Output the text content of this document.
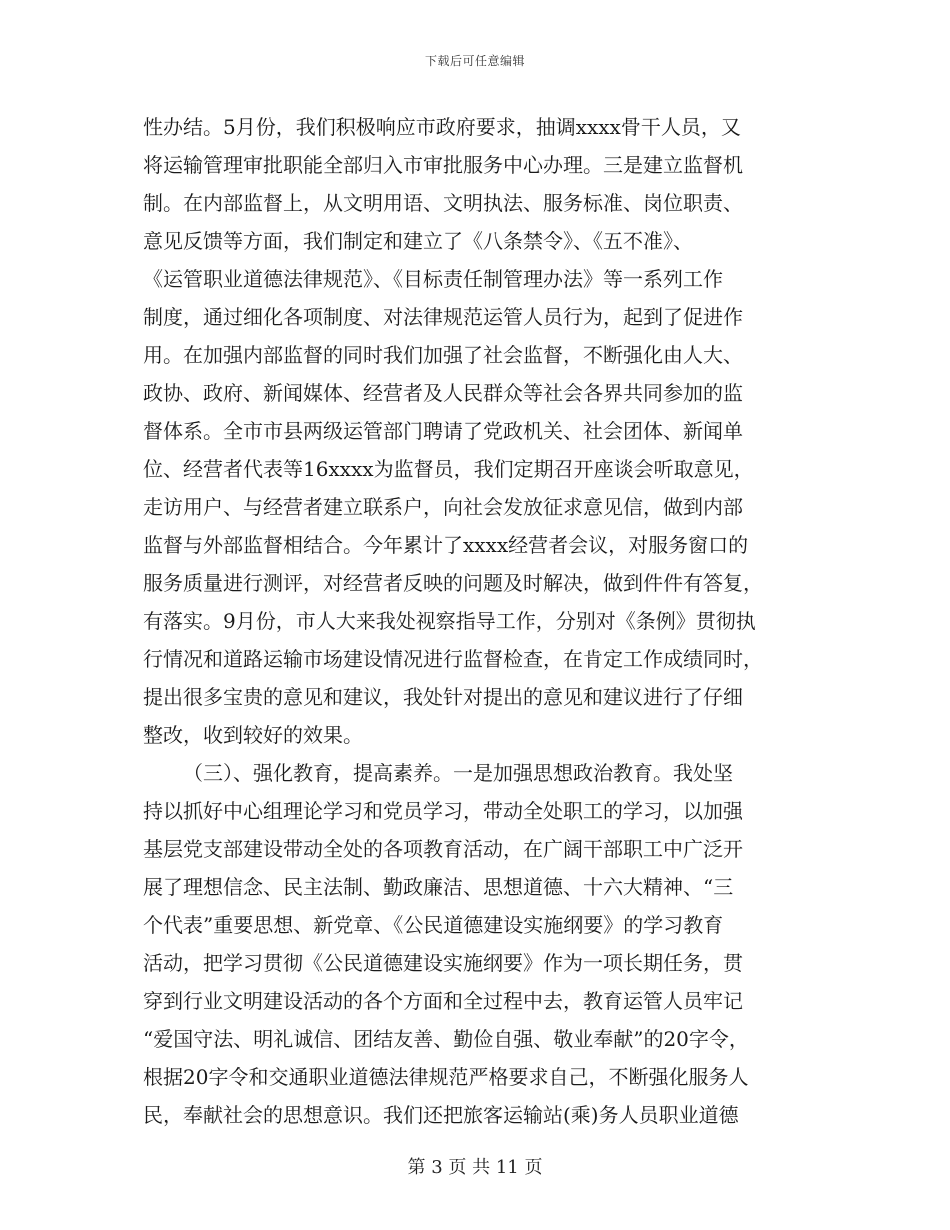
下载后可任意编辑
性办结。5月份，我们积极响应市政府要求，抽调xxxx骨干人员，又
将运输管理审批职能全部归入市审批服务中心办理。三是建立监督机
制。在内部监督上，从文明用语、文明执法、服务标准、岗位职责、
意见反馈等方面，我们制定和建立了《八条禁令》、《五不准》、
《运管职业道德法律规范》、《目标责任制管理办法》等一系列工作
制度，通过细化各项制度、对法律规范运管人员行为，起到了促进作
用。在加强内部监督的同时我们加强了社会监督，不断强化由人大、
政协、政府、新闻媒体、经营者及人民群众等社会各界共同参加的监
督体系。全市市县两级运管部门聘请了党政机关、社会团体、新闻单
位、经营者代表等16xxxx为监督员，我们定期召开座谈会听取意见，
走访用户、与经营者建立联系户，向社会发放征求意见信，做到内部
监督与外部监督相结合。今年累计了xxxx经营者会议，对服务窗口的
服务质量进行测评，对经营者反映的问题及时解决，做到件件有答复，
有落实。9月份，市人大来我处视察指导工作，分别对《条例》贯彻执
行情况和道路运输市场建设情况进行监督检查，在肯定工作成绩同时，
提出很多宝贵的意见和建议，我处针对提出的意见和建议进行了仔细
整改，收到较好的效果。
（三）、强化教育，提高素养。一是加强思想政治教育。我处坚
持以抓好中心组理论学习和党员学习，带动全处职工的学习，以加强
基层党支部建设带动全处的各项教育活动，在广阔干部职工中广泛开
展了理想信念、民主法制、勤政廉洁、思想道德、十六大精神、“三
个代表”重要思想、新党章、《公民道德建设实施纲要》的学习教育
活动，把学习贯彻《公民道德建设实施纲要》作为一项长期任务，贯
穿到行业文明建设活动的各个方面和全过程中去，教育运管人员牢记
“爱国守法、明礼诚信、团结友善、勤俭自强、敬业奉献”的20字令，
根据20字令和交通职业道德法律规范严格要求自己，不断强化服务人
民，奉献社会的思想意识。我们还把旅客运输站(乘)务人员职业道德
第 3 页 共 11 页
